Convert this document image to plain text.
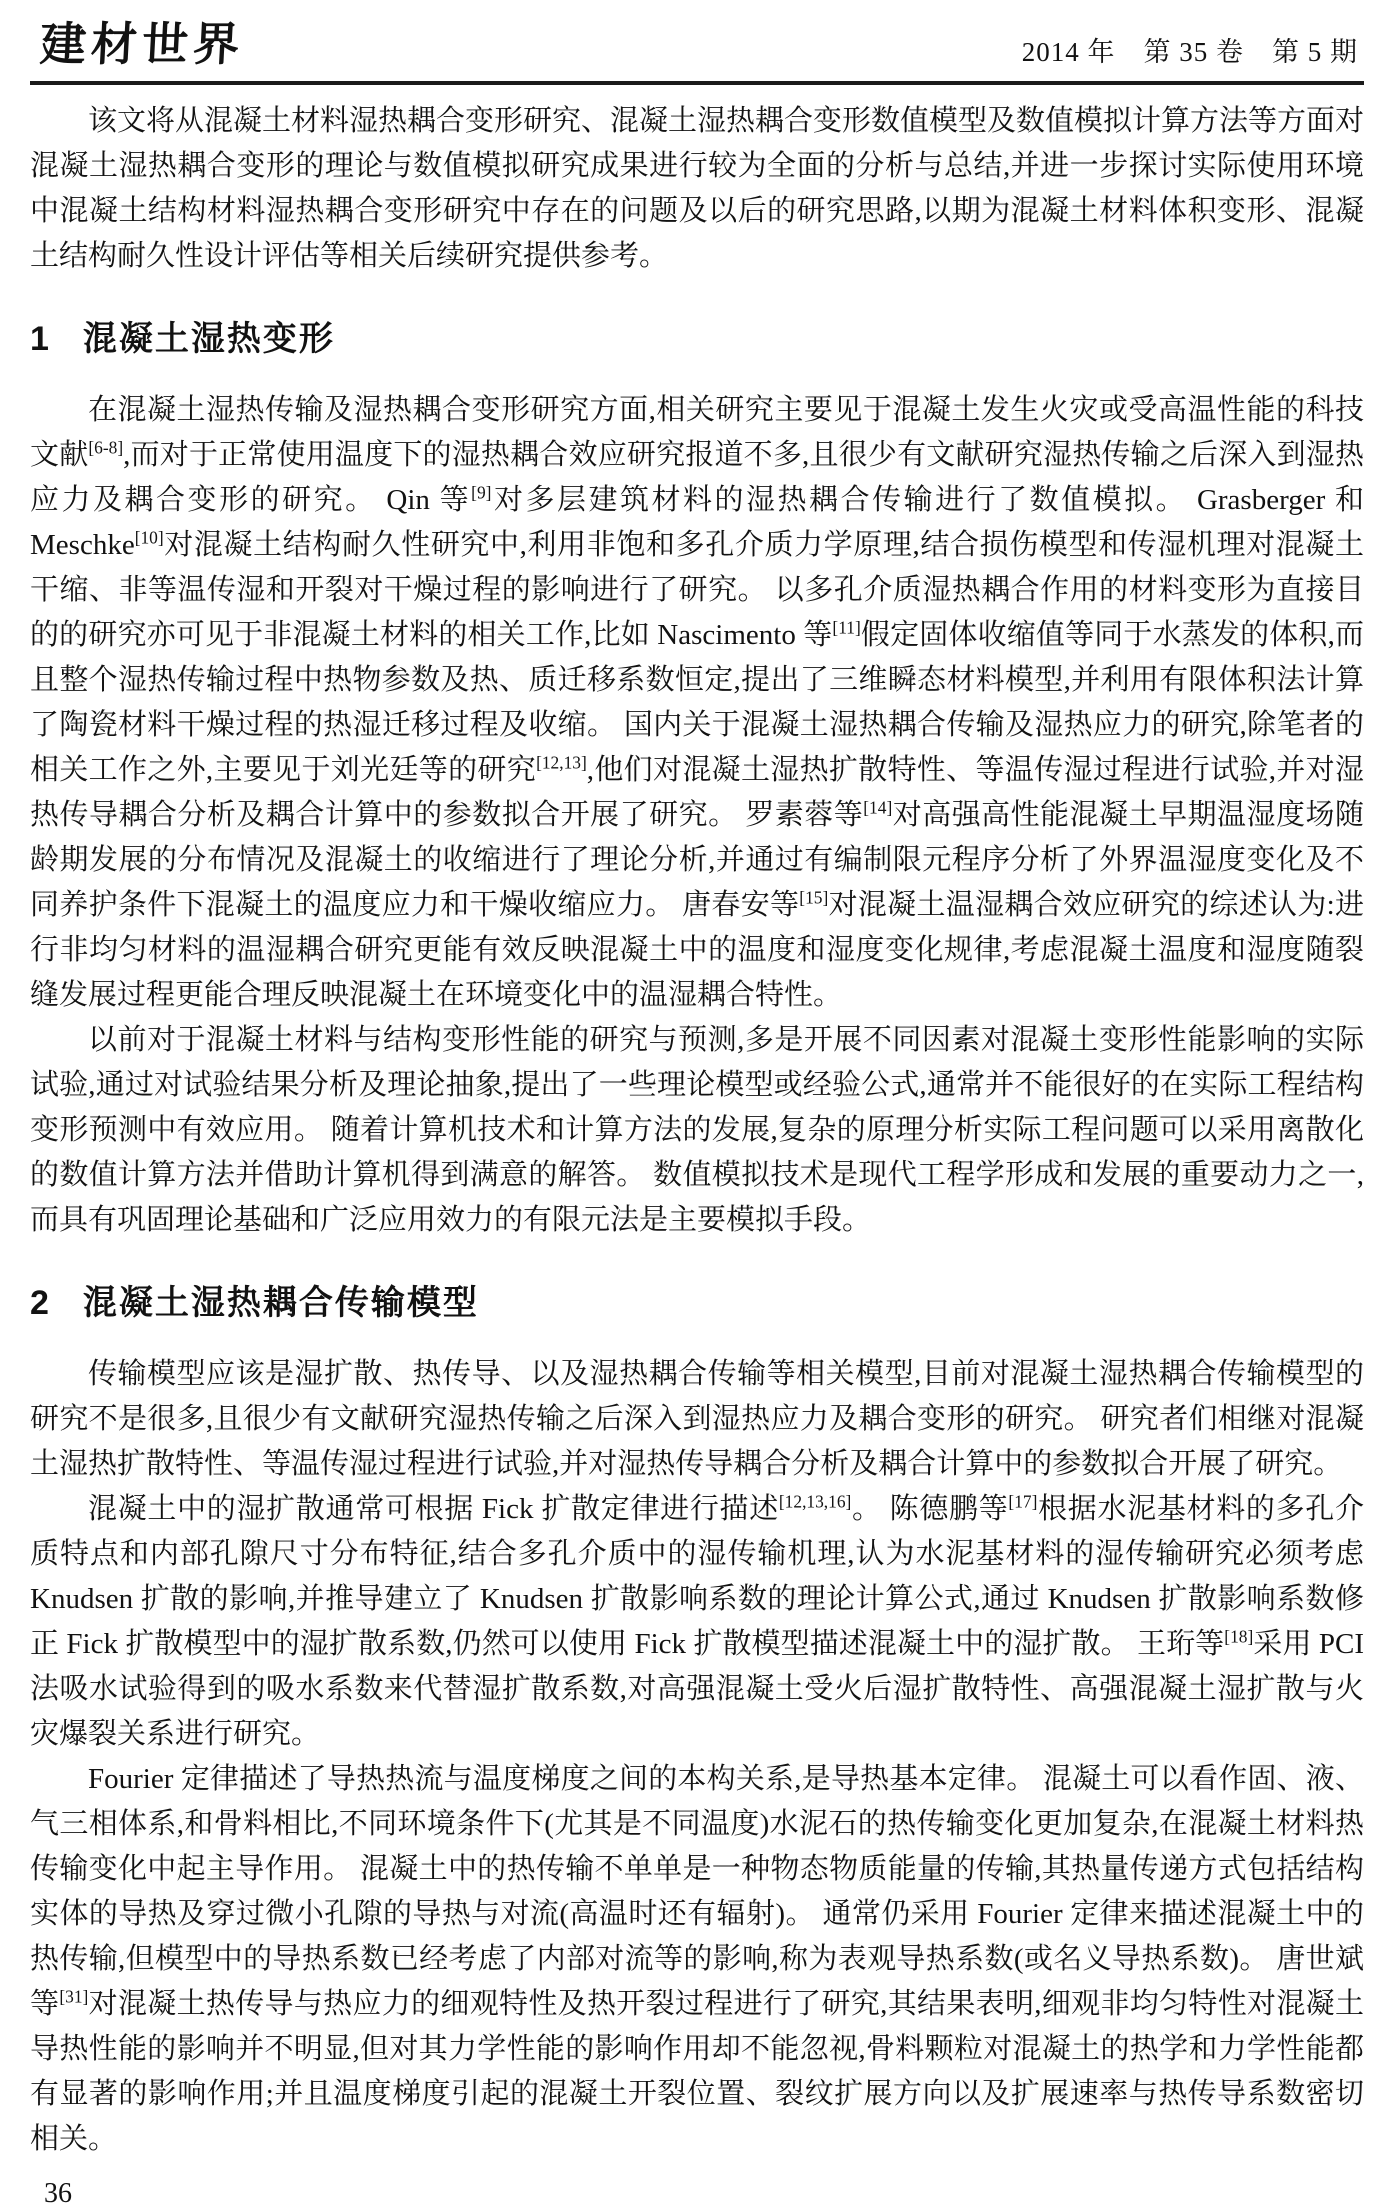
建材世界	2014 年　第 35 卷　第 5 期

该文将从混凝土材料湿热耦合变形研究、混凝土湿热耦合变形数值模型及数值模拟计算方法等方面对混凝土湿热耦合变形的理论与数值模拟研究成果进行较为全面的分析与总结,并进一步探讨实际使用环境中混凝土结构材料湿热耦合变形研究中存在的问题及以后的研究思路,以期为混凝土材料体积变形、混凝土结构耐久性设计评估等相关后续研究提供参考。

1 混凝土湿热变形

在混凝土湿热传输及湿热耦合变形研究方面,相关研究主要见于混凝土发生火灾或受高温性能的科技文献[6-8],而对于正常使用温度下的湿热耦合效应研究报道不多,且很少有文献研究湿热传输之后深入到湿热应力及耦合变形的研究。 Qin 等[9]对多层建筑材料的湿热耦合传输进行了数值模拟。 Grasberger 和 Meschke[10]对混凝土结构耐久性研究中,利用非饱和多孔介质力学原理,结合损伤模型和传湿机理对混凝土干缩、非等温传湿和开裂对干燥过程的影响进行了研究。 以多孔介质湿热耦合作用的材料变形为直接目的的研究亦可见于非混凝土材料的相关工作,比如 Nascimento 等[11]假定固体收缩值等同于水蒸发的体积,而且整个湿热传输过程中热物参数及热、质迁移系数恒定,提出了三维瞬态材料模型,并利用有限体积法计算了陶瓷材料干燥过程的热湿迁移过程及收缩。 国内关于混凝土湿热耦合传输及湿热应力的研究,除笔者的相关工作之外,主要见于刘光廷等的研究[12,13],他们对混凝土湿热扩散特性、等温传湿过程进行试验,并对湿热传导耦合分析及耦合计算中的参数拟合开展了研究。 罗素蓉等[14]对高强高性能混凝土早期温湿度场随龄期发展的分布情况及混凝土的收缩进行了理论分析,并通过有编制限元程序分析了外界温湿度变化及不同养护条件下混凝土的温度应力和干燥收缩应力。 唐春安等[15]对混凝土温湿耦合效应研究的综述认为:进行非均匀材料的温湿耦合研究更能有效反映混凝土中的温度和湿度变化规律,考虑混凝土温度和湿度随裂缝发展过程更能合理反映混凝土在环境变化中的温湿耦合特性。

以前对于混凝土材料与结构变形性能的研究与预测,多是开展不同因素对混凝土变形性能影响的实际试验,通过对试验结果分析及理论抽象,提出了一些理论模型或经验公式,通常并不能很好的在实际工程结构变形预测中有效应用。 随着计算机技术和计算方法的发展,复杂的原理分析实际工程问题可以采用离散化的数值计算方法并借助计算机得到满意的解答。 数值模拟技术是现代工程学形成和发展的重要动力之一,而具有巩固理论基础和广泛应用效力的有限元法是主要模拟手段。

2 混凝土湿热耦合传输模型

传输模型应该是湿扩散、热传导、以及湿热耦合传输等相关模型,目前对混凝土湿热耦合传输模型的研究不是很多,且很少有文献研究湿热传输之后深入到湿热应力及耦合变形的研究。 研究者们相继对混凝土湿热扩散特性、等温传湿过程进行试验,并对湿热传导耦合分析及耦合计算中的参数拟合开展了研究。

混凝土中的湿扩散通常可根据 Fick 扩散定律进行描述[12,13,16]。 陈德鹏等[17]根据水泥基材料的多孔介质特点和内部孔隙尺寸分布特征,结合多孔介质中的湿传输机理,认为水泥基材料的湿传输研究必须考虑 Knudsen 扩散的影响,并推导建立了 Knudsen 扩散影响系数的理论计算公式,通过 Knudsen 扩散影响系数修正 Fick 扩散模型中的湿扩散系数,仍然可以使用 Fick 扩散模型描述混凝土中的湿扩散。 王珩等[18]采用 PCI 法吸水试验得到的吸水系数来代替湿扩散系数,对高强混凝土受火后湿扩散特性、高强混凝土湿扩散与火灾爆裂关系进行研究。

Fourier 定律描述了导热热流与温度梯度之间的本构关系,是导热基本定律。 混凝土可以看作固、液、气三相体系,和骨料相比,不同环境条件下(尤其是不同温度)水泥石的热传输变化更加复杂,在混凝土材料热传输变化中起主导作用。 混凝土中的热传输不单单是一种物态物质能量的传输,其热量传递方式包括结构实体的导热及穿过微小孔隙的导热与对流(高温时还有辐射)。 通常仍采用 Fourier 定律来描述混凝土中的热传输,但模型中的导热系数已经考虑了内部对流等的影响,称为表观导热系数(或名义导热系数)。 唐世斌等[31]对混凝土热传导与热应力的细观特性及热开裂过程进行了研究,其结果表明,细观非均匀特性对混凝土导热性能的影响并不明显,但对其力学性能的影响作用却不能忽视,骨料颗粒对混凝土的热学和力学性能都有显著的影响作用;并且温度梯度引起的混凝土开裂位置、裂纹扩展方向以及扩展速率与热传导系数密切相关。

36
